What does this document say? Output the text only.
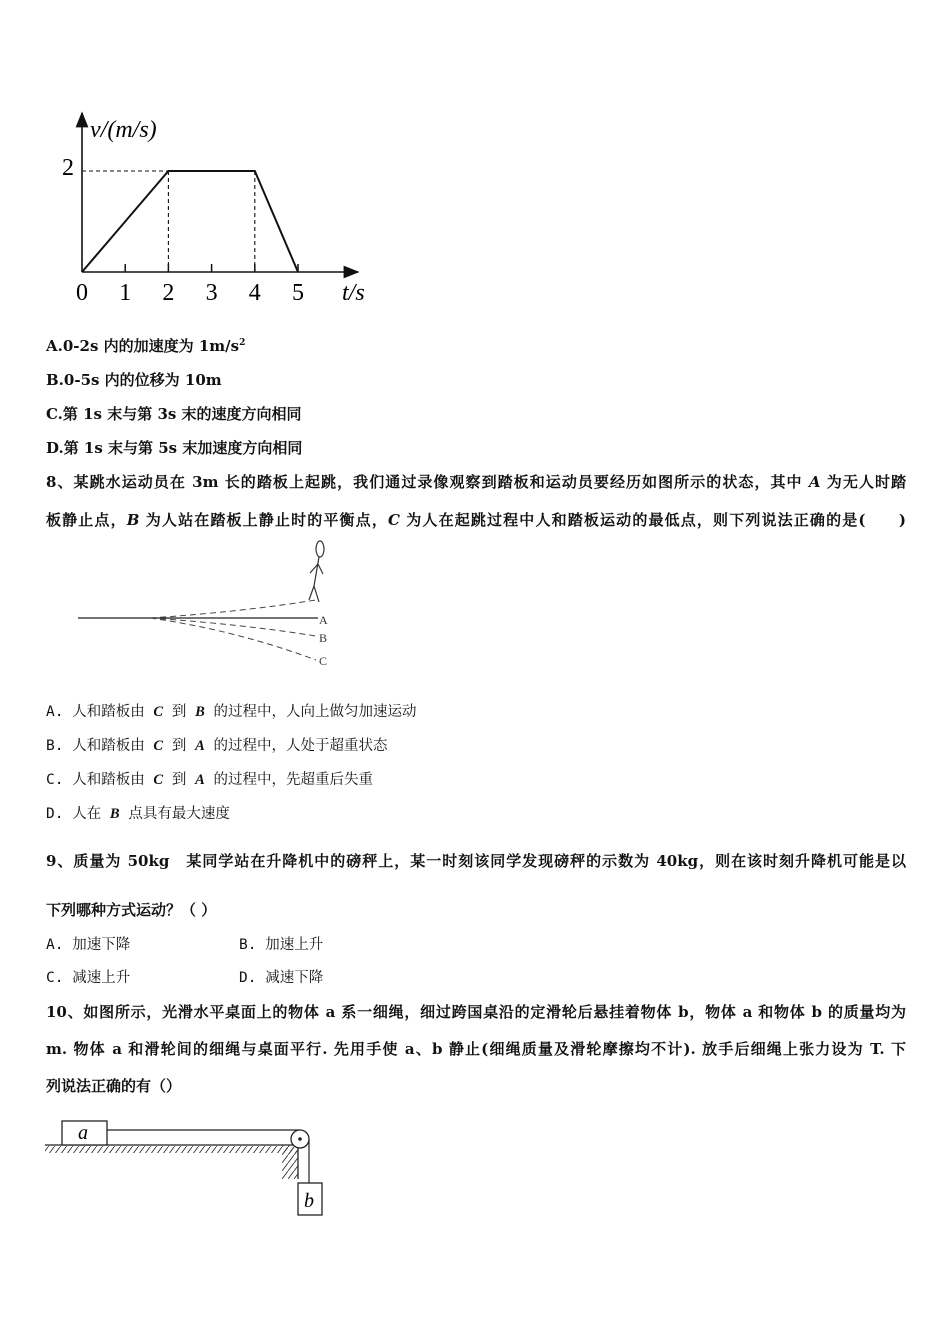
v/(m/s)
t/s
2
0 1 2 3 4 5
A.0-2s 内的加速度为 $1m/s^2$
B.0-5s 内的位移为 10m
C.第 1s 末与第 3s 末的速度方向相同
D.第 1s 末与第 5s 末加速度方向相同
8、某跳水运动员在 3m 长的踏板上起跳，我们通过录像观察到踏板和运动员要经历如图所示的状态，其中 A 为无人时踏
板静止点，B 为人站在踏板上静止时的平衡点，C 为人在起跳过程中人和踏板运动的最低点，则下列说法正确的是(　　)
A
B
C
A. 人和踏板由 C 到 B 的过程中，人向上做匀加速运动
B. 人和踏板由 C 到 A 的过程中，人处于超重状态
C. 人和踏板由 C 到 A 的过程中，先超重后失重
D. 人在 B 点具有最大速度
9、质量为 50kg　某同学站在升降机中的磅秤上，某一时刻该同学发现磅秤的示数为 40kg，则在该时刻升降机可能是以
下列哪种方式运动？（ ）
A. 加速下降	B. 加速上升
C. 减速上升	D. 减速下降
10、如图所示，光滑水平桌面上的物体 a 系一细绳，细过跨国桌沿的定滑轮后悬挂着物体 b，物体 a 和物体 b 的质量均为
m. 物体 a 和滑轮间的细绳与桌面平行. 先用手使 a、b 静止(细绳质量及滑轮摩擦均不计). 放手后细绳上张力设为 T. 下
列说法正确的有（）
a
b
